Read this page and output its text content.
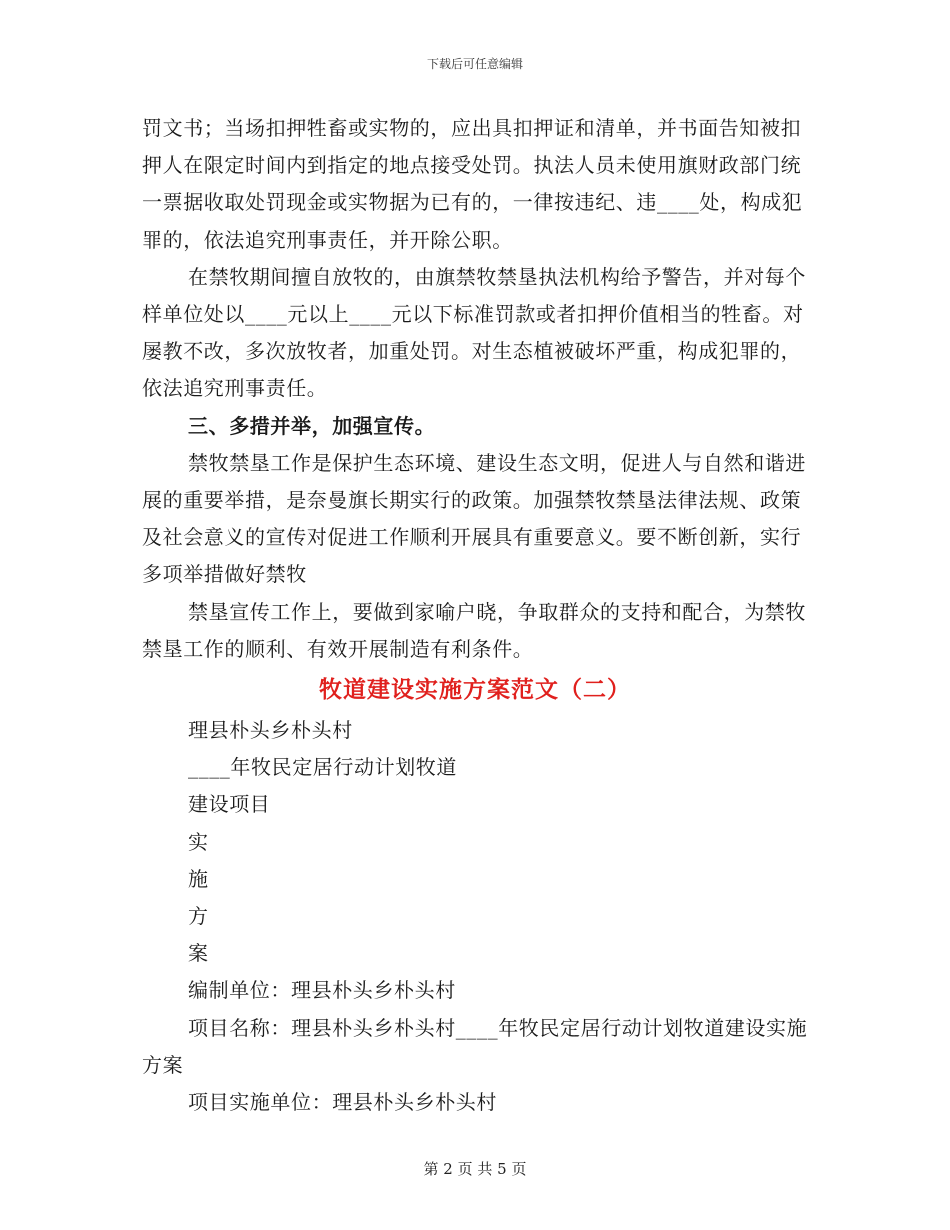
下载后可任意编辑

罚文书；当场扣押牲畜或实物的，应出具扣押证和清单，并书面告知被扣押人在限定时间内到指定的地点接受处罚。执法人员未使用旗财政部门统一票据收取处罚现金或实物据为已有的，一律按违纪、违____处，构成犯罪的，依法追究刑事责任，并开除公职。

在禁牧期间擅自放牧的，由旗禁牧禁垦执法机构给予警告，并对每个样单位处以____元以上____元以下标准罚款或者扣押价值相当的牲畜。对屡教不改，多次放牧者，加重处罚。对生态植被破坏严重，构成犯罪的，依法追究刑事责任。

三、多措并举，加强宣传。

禁牧禁垦工作是保护生态环境、建设生态文明，促进人与自然和谐进展的重要举措，是奈曼旗长期实行的政策。加强禁牧禁垦法律法规、政策及社会意义的宣传对促进工作顺利开展具有重要意义。要不断创新，实行多项举措做好禁牧

禁垦宣传工作上，要做到家喻户晓，争取群众的支持和配合，为禁牧禁垦工作的顺利、有效开展制造有利条件。

牧道建设实施方案范文（二）

理县朴头乡朴头村

____年牧民定居行动计划牧道

建设项目

实

施

方

案

编制单位：理县朴头乡朴头村

项目名称：理县朴头乡朴头村____年牧民定居行动计划牧道建设实施方案

项目实施单位：理县朴头乡朴头村

第 2 页 共 5 页
